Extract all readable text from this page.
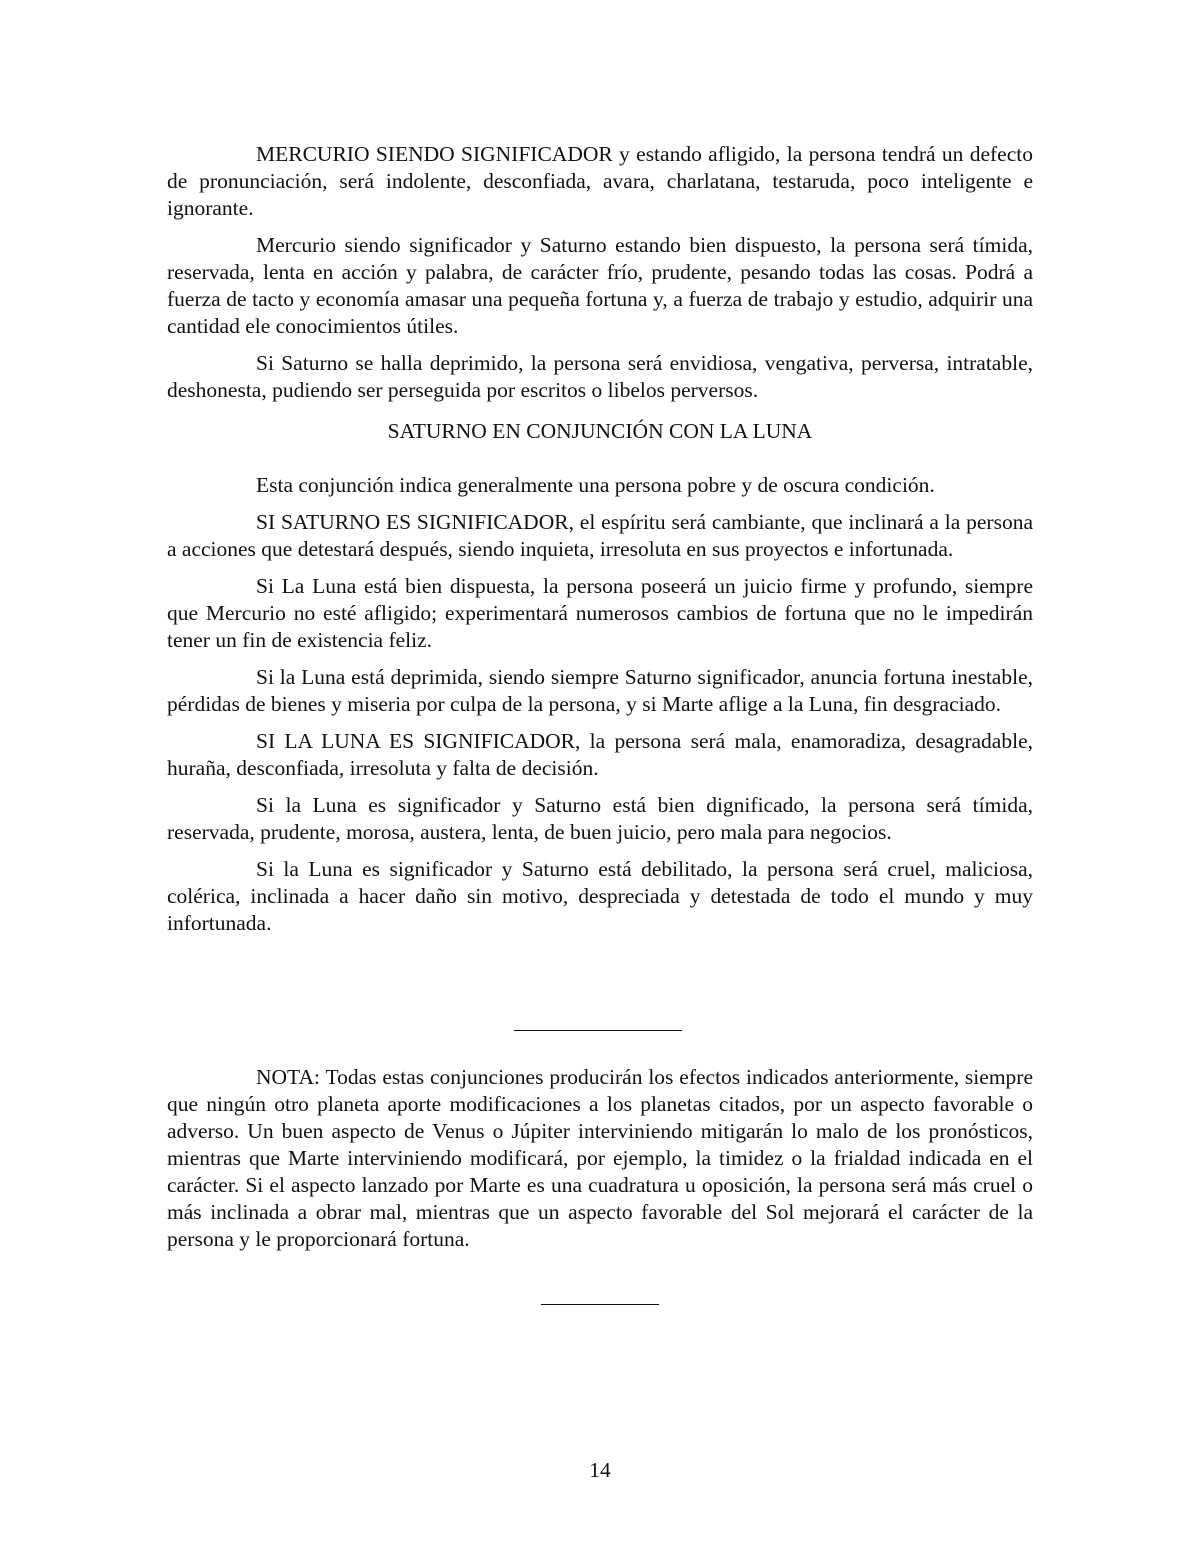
MERCURIO SIENDO SIGNIFICADOR y estando afligido, la persona tendrá un defecto de pronunciación, será indolente, desconfiada, avara, charlatana, testaruda, poco inteligente e ignorante.

Mercurio siendo significador y Saturno estando bien dispuesto, la persona será tímida, reservada, lenta en acción y palabra, de carácter frío, prudente, pesando todas las cosas. Podrá a fuerza de tacto y economía amasar una pequeña fortuna y, a fuerza de trabajo y estudio, adquirir una cantidad ele conocimientos útiles.

Si Saturno se halla deprimido, la persona será envidiosa, vengativa, perversa, intratable, deshonesta, pudiendo ser perseguida por escritos o libelos perversos.

SATURNO EN CONJUNCIÓN CON LA LUNA

Esta conjunción indica generalmente una persona pobre y de oscura condición.

SI SATURNO ES SIGNIFICADOR, el espíritu será cambiante, que inclinará a la persona a acciones que detestará después, siendo inquieta, irresoluta en sus proyectos e infortunada.

Si La Luna está bien dispuesta, la persona poseerá un juicio firme y profundo, siempre que Mercurio no esté afligido; experimentará numerosos cambios de fortuna que no le impedirán tener un fin de existencia feliz.

Si la Luna está deprimida, siendo siempre Saturno significador, anuncia fortuna inestable, pérdidas de bienes y miseria por culpa de la persona, y si Marte aflige a la Luna, fin desgraciado.

SI LA LUNA ES SIGNIFICADOR, la persona será mala, enamoradiza, desagradable, huraña, desconfiada, irresoluta y falta de decisión.

Si la Luna es significador y Saturno está bien dignificado, la persona será tímida, reservada, prudente, morosa, austera, lenta, de buen juicio, pero mala para negocios.

Si la Luna es significador y Saturno está debilitado, la persona será cruel, maliciosa, colérica, inclinada a hacer daño sin motivo, despreciada y detestada de todo el mundo y muy infortunada.

NOTA: Todas estas conjunciones producirán los efectos indicados anteriormente, siempre que ningún otro planeta aporte modificaciones a los planetas citados, por un aspecto favorable o adverso. Un buen aspecto de Venus o Júpiter interviniendo mitigarán lo malo de los pronósticos, mientras que Marte interviniendo modificará, por ejemplo, la timidez o la frialdad indicada en el carácter. Si el aspecto lanzado por Marte es una cuadratura u oposición, la persona será más cruel o más inclinada a obrar mal, mientras que un aspecto favorable del Sol mejorará el carácter de la persona y le proporcionará fortuna.

14
